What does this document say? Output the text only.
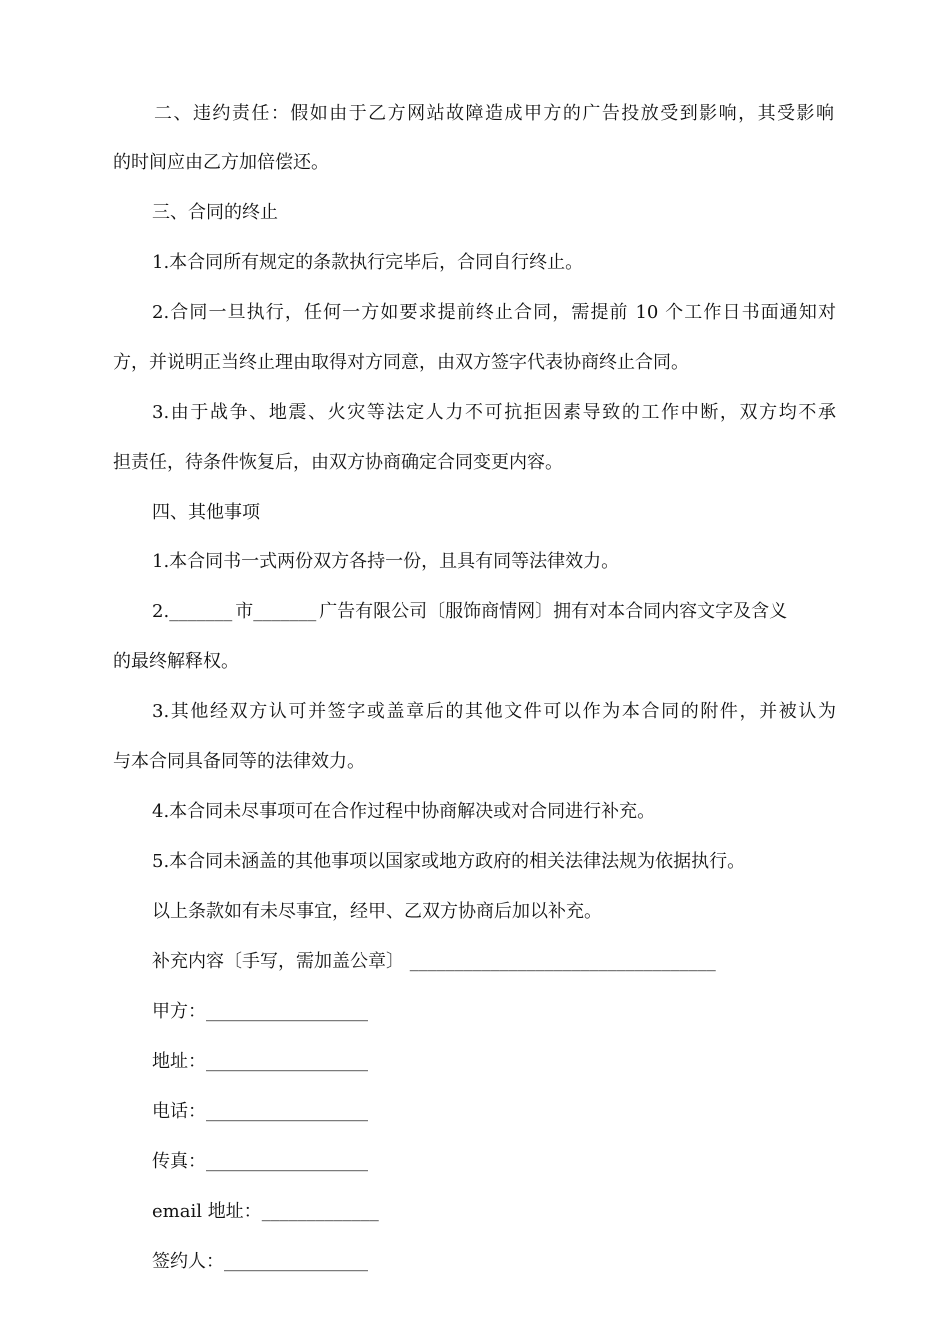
二、违约责任：假如由于乙方网站故障造成甲方的广告投放受到影响，其受影响
的时间应由乙方加倍偿还。
三、合同的终止
1.本合同所有规定的条款执行完毕后，合同自行终止。
2.合同一旦执行，任何一方如要求提前终止合同，需提前 10 个工作日书面通知对
方，并说明正当终止理由取得对方同意，由双方签字代表协商终止合同。
3.由于战争、地震、火灾等法定人力不可抗拒因素导致的工作中断，双方均不承
担责任，待条件恢复后，由双方协商确定合同变更内容。
四、其他事项
1.本合同书一式两份双方各持一份，且具有同等法律效力。
2._______ 市_______ 广告有限公司〔服饰商情网〕拥有对本合同内容文字及含义
的最终解释权。
3.其他经双方认可并签字或盖章后的其他文件可以作为本合同的附件，并被认为
与本合同具备同等的法律效力。
4.本合同未尽事项可在合作过程中协商解决或对合同进行补充。
5.本合同未涵盖的其他事项以国家或地方政府的相关法律法规为依据执行。
以上条款如有未尽事宜，经甲、乙双方协商后加以补充。
补充内容〔手写，需加盖公章〕 __________________________________
甲方：__________________
地址：__________________
电话：__________________
传真：__________________
email 地址：_____________
签约人：________________
